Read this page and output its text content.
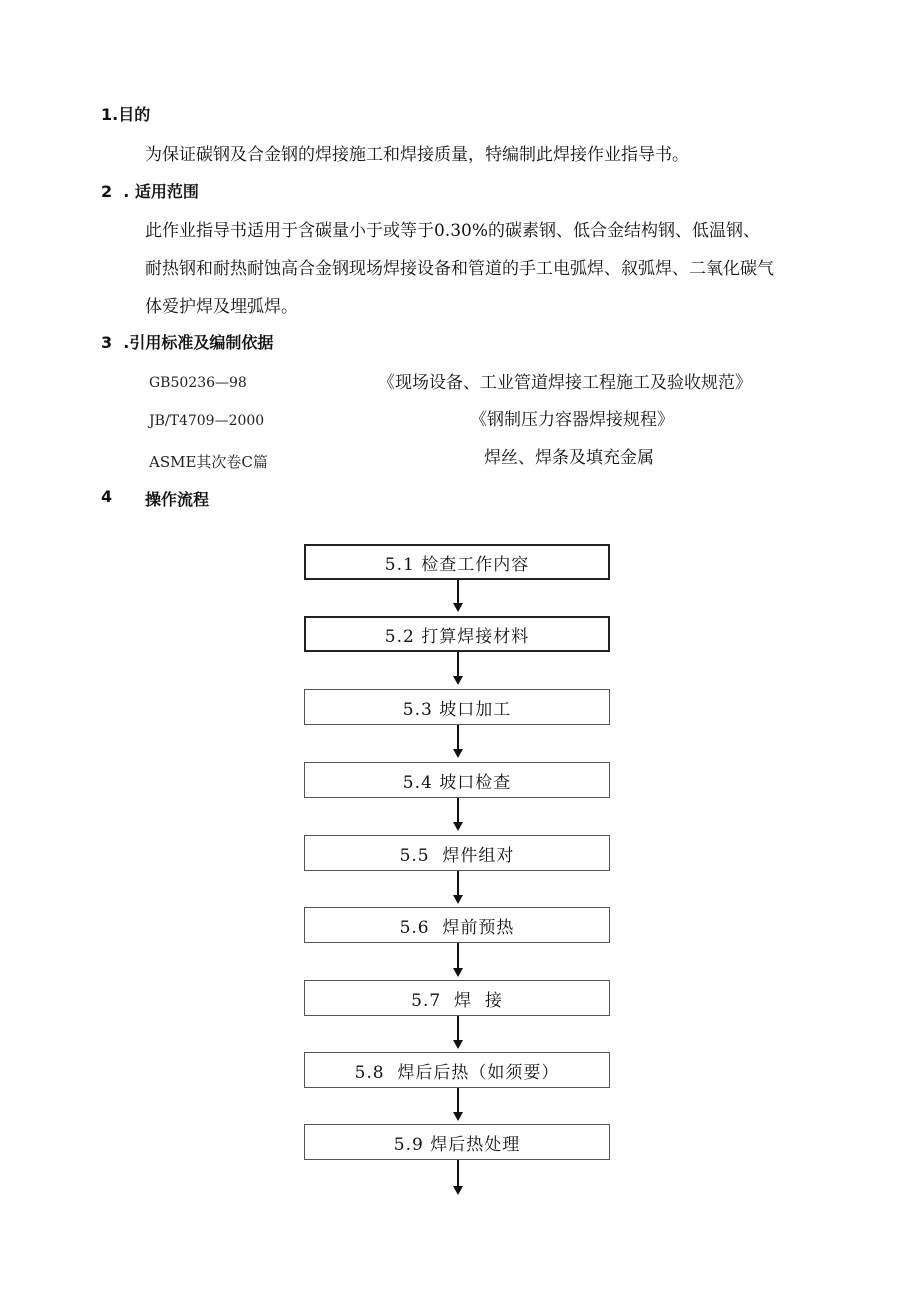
1.目的
为保证碳钢及合金钢的焊接施工和焊接质量，特编制此焊接作业指导书。
2  . 适用范围
此作业指导书适用于含碳量小于或等于0.30%的碳素钢、低合金结构钢、低温钢、
耐热钢和耐热耐蚀高合金钢现场焊接设备和管道的手工电弧焊、叙弧焊、二氧化碳气
体爱护焊及埋弧焊。
3  .引用标准及编制依据
GB50236—98	《现场设备、工业管道焊接工程施工及验收规范》
JB/T4709—2000	《钢制压力容器焊接规程》
ASME其次卷C篇	焊丝、焊条及填充金属
4	操作流程
5.1 检查工作内容
5.2 打算焊接材料
5.3 坡口加工
5.4 坡口检查
5.5  焊件组对
5.6  焊前预热
5.7  焊  接
5.8  焊后后热（如须要）
5.9 焊后热处理
